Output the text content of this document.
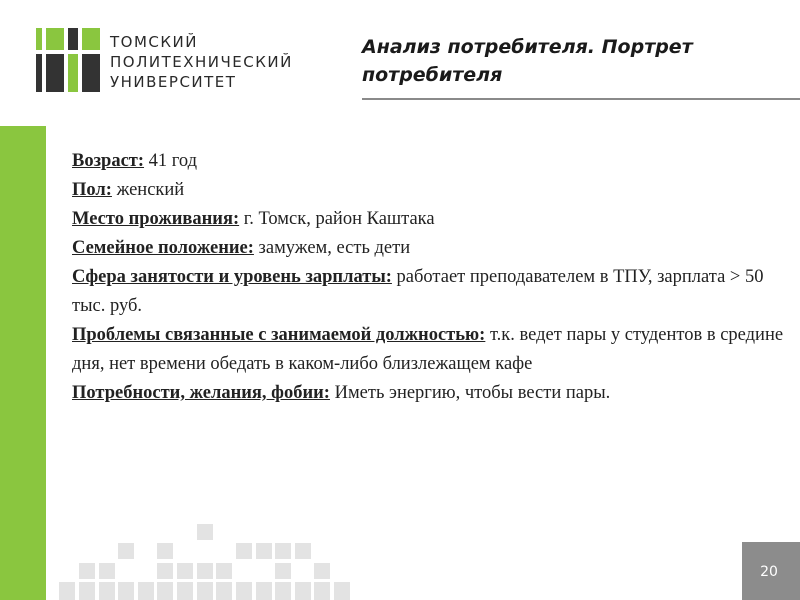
ТОМСКИЙ
ПОЛИТЕХНИЧЕСКИЙ
УНИВЕРСИТЕТ
Анализ потребителя. Портрет потребителя

Возраст: 41 год

Пол: женский

Место проживания: г. Томск, район Каштака

Семейное положение: замужем, есть дети

Сфера занятости и уровень зарплаты: работает преподавателем в ТПУ, зарплата > 50 тыс. руб.

Проблемы связанные с занимаемой должностью: т.к. ведет пары у студентов в средине дня, нет времени обедать в каком-либо близлежащем кафе

Потребности, желания, фобии: Иметь энергию, чтобы вести пары.

20
